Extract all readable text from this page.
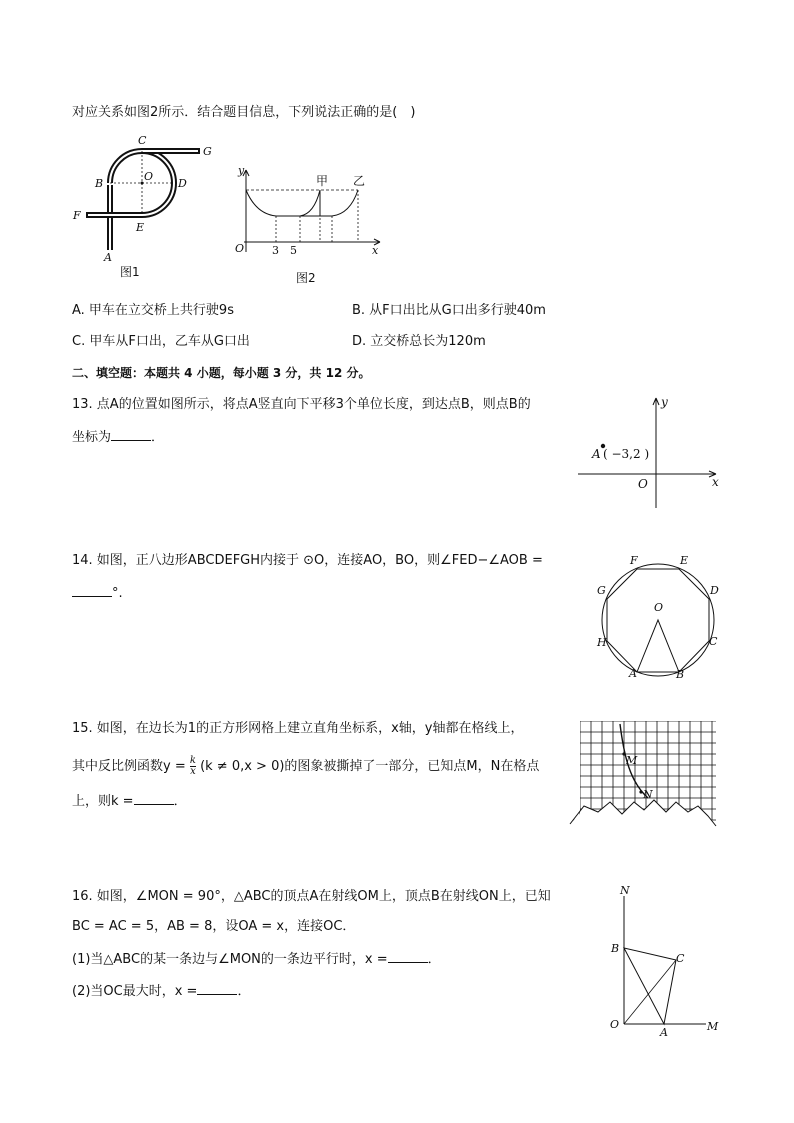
对应关系如图2所示．结合题目信息，下列说法正确的是(　)
A
B
C
D
E
F
G
O
图1
y
x
O	3 5
甲 乙
图2
A. 甲车在立交桥上共行驶9s	B. 从F口出比从G口出多行驶40m
C. 甲车从F口出，乙车从G口出	D. 立交桥总长为120m
二、填空题：本题共 4 小题，每小题 3 分，共 12 分。
13. 点A的位置如图所示，将点A竖直向下平移3个单位长度，到达点B，则点B的
坐标为	．
A ( −3,2 )
O	x
y
14. 如图，正八边形ABCDEFGH内接于 ⊙O，连接AO，BO，则∠FED−∠AOB =
°.
A	B
C
D
E
F
G
H
O
15. 如图，在边长为1的正方形网格上建立直角坐标系，x轴，y轴都在格线上，
其中反比例函数$y = \frac{k}{x} (k \ne 0,x > 0)$的图象被撕掉了一部分，已知点M，N在格点
上，则k =	．
M
N
16. 如图，∠MON = 90°，△ABC的顶点A在射线OM上，顶点B在射线ON上，已知
BC = AC = 5，AB = 8，设OA = x，连接OC．
(1)当△ABC的某一条边与∠MON的一条边平行时，x =	．
(2)当OC最大时，x =	．
N
B
C
O
A	M
